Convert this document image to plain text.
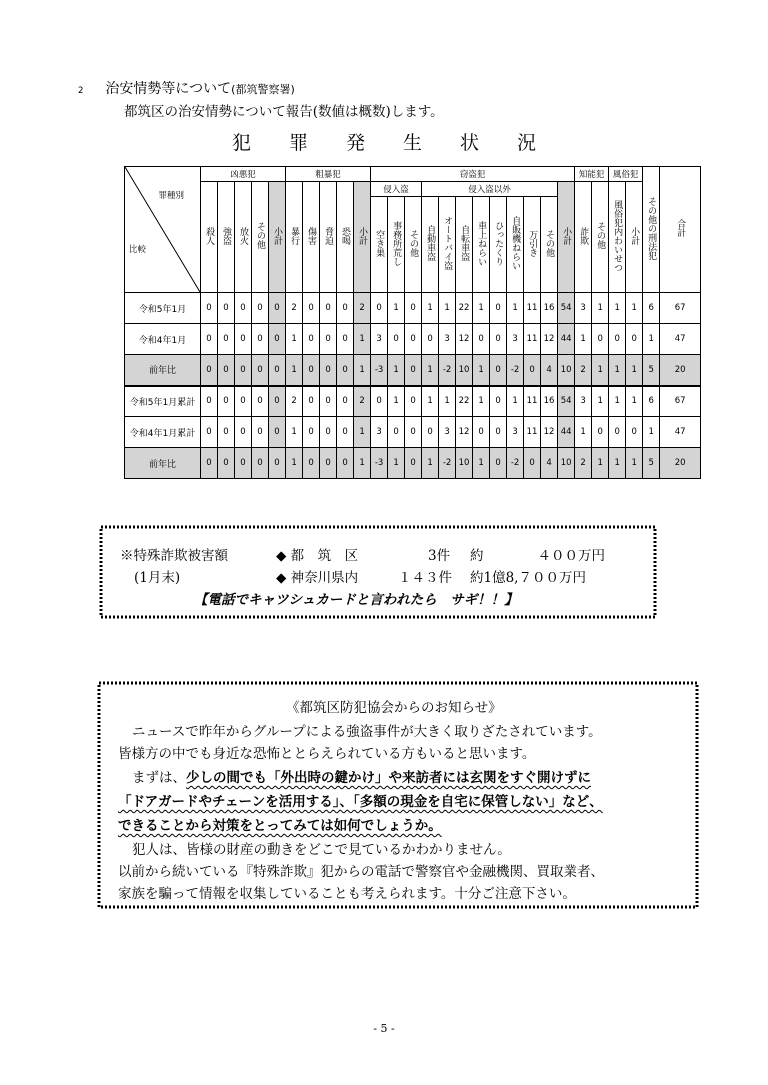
2 治安情勢等について(都筑警察署)
都筑区の治安情勢について報告(数値は概数)します。
犯 罪 発 生 状 況
罪種別
比較	凶悪犯					粗暴犯					窃盗犯												知能犯		風俗犯		その他の刑法犯	合計
	殺人	強盗	放火	その他	小計	暴行	傷害	脅迫	恐喝	小計	侵入盗			侵入盗以外								小計	詐欺	その他	風俗犯内わいせつ	小計		
											空き巣	事務所荒し	その他	自動車盗	オートバイ盗	自転車盗	車上ねらい	ひったくり	自販機ねらい	万引き	その他							
令和5年1月	0	0	0	0	0	2	0	0	0	2	0	1	0	1	1	22	1	0	1	11	16	54	3	1	1	1	6	67
令和4年1月	0	0	0	0	0	1	0	0	0	1	3	0	0	0	3	12	0	0	3	11	12	44	1	0	0	0	1	47
前年比	0	0	0	0	0	1	0	0	0	1	-3	1	0	1	-2	10	1	0	-2	0	4	10	2	1	1	1	5	20
令和5年1月累計	0	0	0	0	0	2	0	0	0	2	0	1	0	1	1	22	1	0	1	11	16	54	3	1	1	1	6	67
令和4年1月累計	0	0	0	0	0	1	0	0	0	1	3	0	0	0	3	12	0	0	3	11	12	44	1	0	0	0	1	47
前年比	0	0	0	0	0	1	0	0	0	1	-3	1	0	1	-2	10	1	0	-2	0	4	10	2	1	1	1	5	20
※特殊詐欺被害額
(1月末)
◆ 都　筑　区	3件 約　　　　４００万円
◆ 神奈川県内	１４３件 約1億8,７００万円
【電話でキャツシュカードと言われたら　サギ！！】

《都筑区防犯協会からのお知らせ》

ニュースで昨年からグループによる強盗事件が大きく取りざたされています。

皆様方の中でも身近な恐怖ととらえられている方もいると思います。

まずは、少しの間でも「外出時の鍵かけ」や来訪者には玄関をすぐ開けずに

「ドアガードやチェーンを活用する」、「多額の現金を自宅に保管しない」など、

できることから対策をとってみては如何でしょうか。

犯人は、皆様の財産の動きをどこで見ているかわかりません。

以前から続いている『特殊詐欺』犯からの電話で警察官や金融機関、買取業者、

家族を騙って情報を収集していることも考えられます。十分ご注意下さい。

- 5 -
